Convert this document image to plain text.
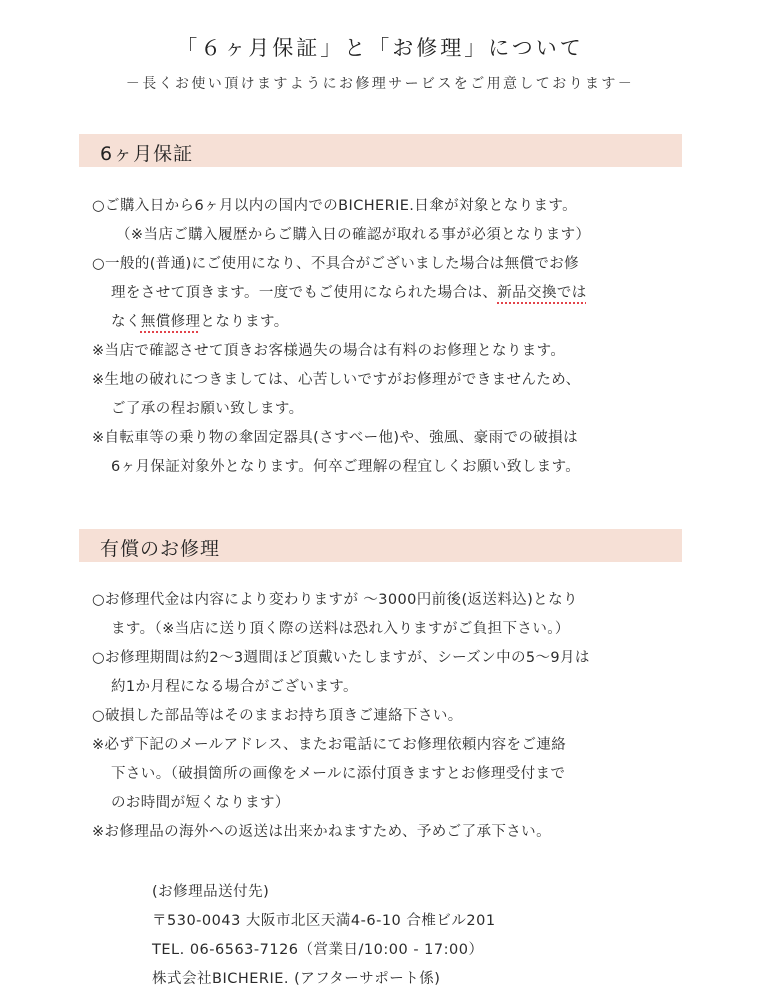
「６ヶ月保証」と「お修理」について
－長くお使い頂けますようにお修理サービスをご用意しております－
6ヶ月保証
○ご購入日から6ヶ月以内の国内でのBICHERIE.日傘が対象となります。
（※当店ご購入履歴からご購入日の確認が取れる事が必須となります）
○一般的(普通)にご使用になり、不具合がございました場合は無償でお修
理をさせて頂きます。一度でもご使用になられた場合は、新品交換では
なく無償修理となります。
※当店で確認させて頂きお客様過失の場合は有料のお修理となります。
※生地の破れにつきましては、心苦しいですがお修理ができませんため、
ご了承の程お願い致します。
※自転車等の乗り物の傘固定器具(さすべー他)や、強風、豪雨での破損は
6ヶ月保証対象外となります。何卒ご理解の程宜しくお願い致します。
有償のお修理
○お修理代金は内容により変わりますが ～3000円前後(返送料込)となり
ます。（※当店に送り頂く際の送料は恐れ入りますがご負担下さい。）
○お修理期間は約2～3週間ほど頂戴いたしますが、シーズン中の5～9月は
約1か月程になる場合がございます。
○破損した部品等はそのままお持ち頂きご連絡下さい。
※必ず下記のメールアドレス、またお電話にてお修理依頼内容をご連絡
下さい。（破損箇所の画像をメールに添付頂きますとお修理受付まで
のお時間が短くなります）
※お修理品の海外への返送は出来かねますため、予めご了承下さい。
(お修理品送付先)
〒530-0043 大阪市北区天満4-6-10 合椎ビル201
TEL. 06-6563-7126（営業日/10:00 - 17:00）
株式会社BICHERIE. (アフターサポート係)
